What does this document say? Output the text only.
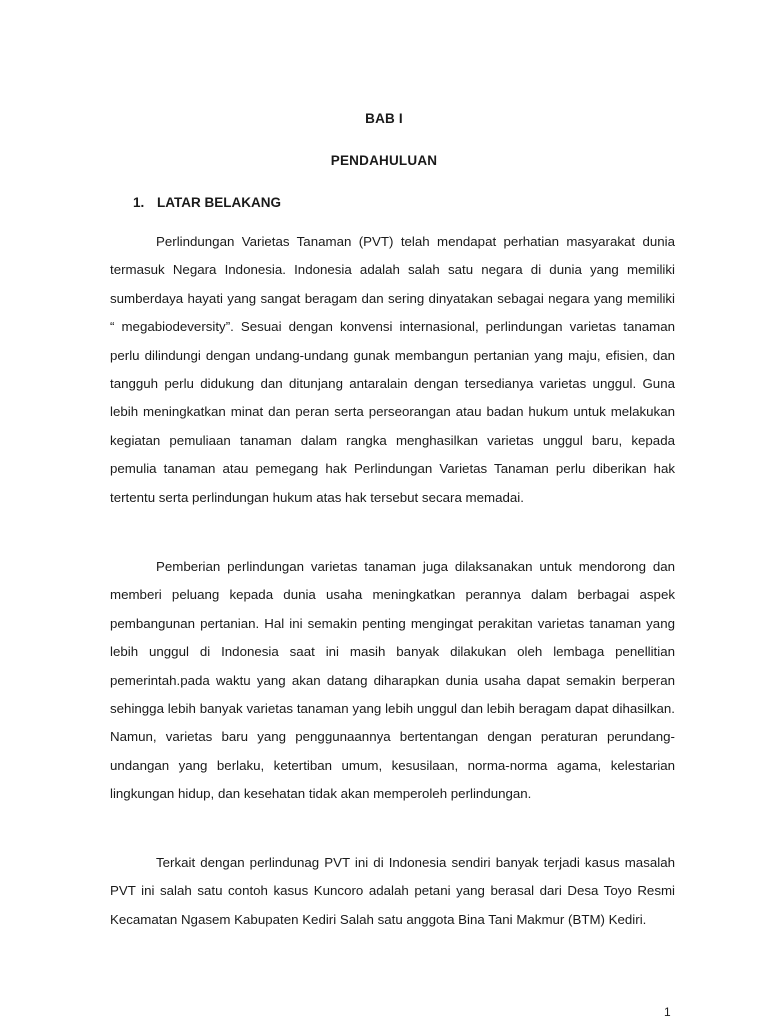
BAB I
PENDAHULUAN
1. LATAR BELAKANG

Perlindungan Varietas Tanaman (PVT) telah mendapat perhatian masyarakat dunia termasuk Negara Indonesia. Indonesia adalah salah satu negara di dunia yang memiliki sumberdaya hayati yang sangat beragam dan sering dinyatakan sebagai negara yang memiliki “ megabiodeversity”. Sesuai dengan konvensi internasional, perlindungan varietas tanaman perlu dilindungi dengan undang-undang gunak membangun pertanian yang maju, efisien, dan tangguh perlu didukung dan ditunjang antaralain dengan tersedianya varietas unggul. Guna lebih meningkatkan minat dan peran serta perseorangan atau badan hukum untuk melakukan kegiatan pemuliaan tanaman dalam rangka menghasilkan varietas unggul baru, kepada pemulia tanaman atau pemegang hak Perlindungan Varietas Tanaman perlu diberikan hak tertentu serta perlindungan hukum atas hak tersebut secara memadai.

Pemberian perlindungan varietas tanaman juga dilaksanakan untuk mendorong dan memberi peluang kepada dunia usaha meningkatkan perannya dalam berbagai aspek pembangunan pertanian. Hal ini semakin penting mengingat perakitan varietas tanaman yang lebih unggul di Indonesia saat ini masih banyak dilakukan oleh lembaga penellitian pemerintah.pada waktu yang akan datang diharapkan dunia usaha dapat semakin berperan sehingga lebih banyak varietas tanaman yang lebih unggul dan lebih beragam dapat dihasilkan. Namun, varietas baru yang penggunaannya bertentangan dengan peraturan perundang-undangan yang berlaku, ketertiban umum, kesusilaan, norma-norma agama, kelestarian lingkungan hidup, dan kesehatan tidak akan memperoleh perlindungan.

Terkait dengan perlindunag PVT ini di Indonesia sendiri banyak terjadi kasus masalah PVT ini salah satu contoh kasus Kuncoro adalah petani yang berasal dari Desa Toyo Resmi Kecamatan Ngasem Kabupaten Kediri Salah satu anggota Bina Tani Makmur (BTM) Kediri.

1
